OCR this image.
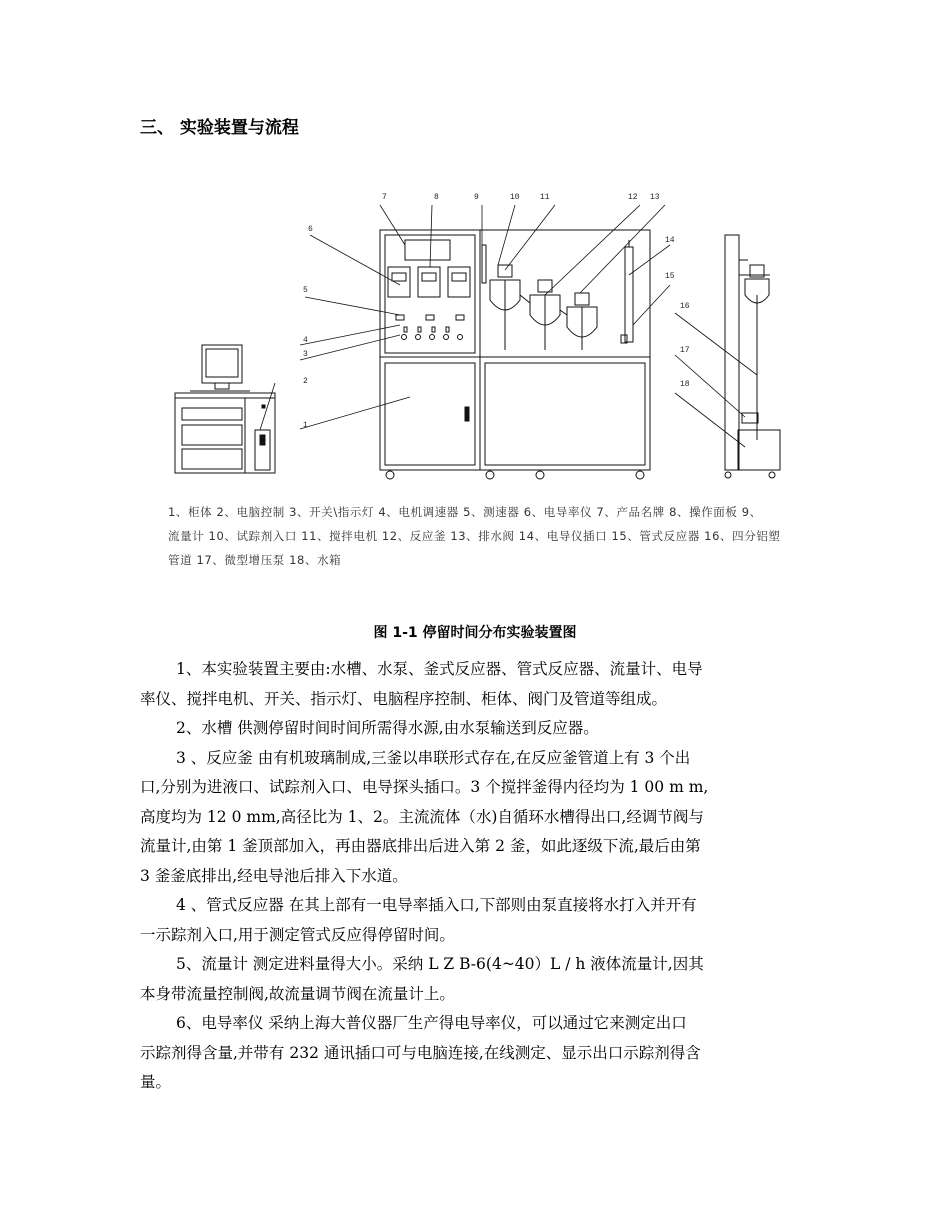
三、 实验装置与流程
1
2
3
4
5
6
7	8	9	10	11	12 13
14
15
16
17
18
1、柜体 2、电脑控制 3、开关\指示灯 4、电机调速器 5、测速器 6、电导率仪 7、产品名牌 8、操作面板 9、
流量计 10、试踪剂入口 11、搅拌电机 12、反应釜 13、排水阀 14、电导仪插口 15、管式反应器 16、四分铝塑
管道 17、微型增压泵 18、水箱
图 1-1 停留时间分布实验装置图
1、本实验装置主要由:水槽、水泵、釜式反应器、管式反应器、流量计、电导
率仪、搅拌电机、开关、指示灯、电脑程序控制、柜体、阀门及管道等组成。
2、水槽 供测停留时间时间所需得水源,由水泵输送到反应器。
3 、反应釜 由有机玻璃制成,三釜以串联形式存在,在反应釜管道上有 3 个出
口,分别为进液口、试踪剂入口、电导探头插口。3 个搅拌釜得内径均为 1 00 m m,
高度均为 12 0 mm,高径比为 1、2。主流流体（水)自循环水槽得出口,经调节阀与
流量计,由第 1 釜顶部加入，再由器底排出后进入第 2 釜，如此逐级下流,最后由第
3 釜釜底排出,经电导池后排入下水道。
4 、管式反应器 在其上部有一电导率插入口,下部则由泵直接将水打入并开有
一示踪剂入口,用于测定管式反应得停留时间。
5、流量计 测定进料量得大小。采纳 L Z B-6(4~40）L / h 液体流量计,因其
本身带流量控制阀,故流量调节阀在流量计上。
6、电导率仪 采纳上海大普仪器厂生产得电导率仪，可以通过它来测定出口
示踪剂得含量,并带有 232 通讯插口可与电脑连接,在线测定、显示出口示踪剂得含
量。
